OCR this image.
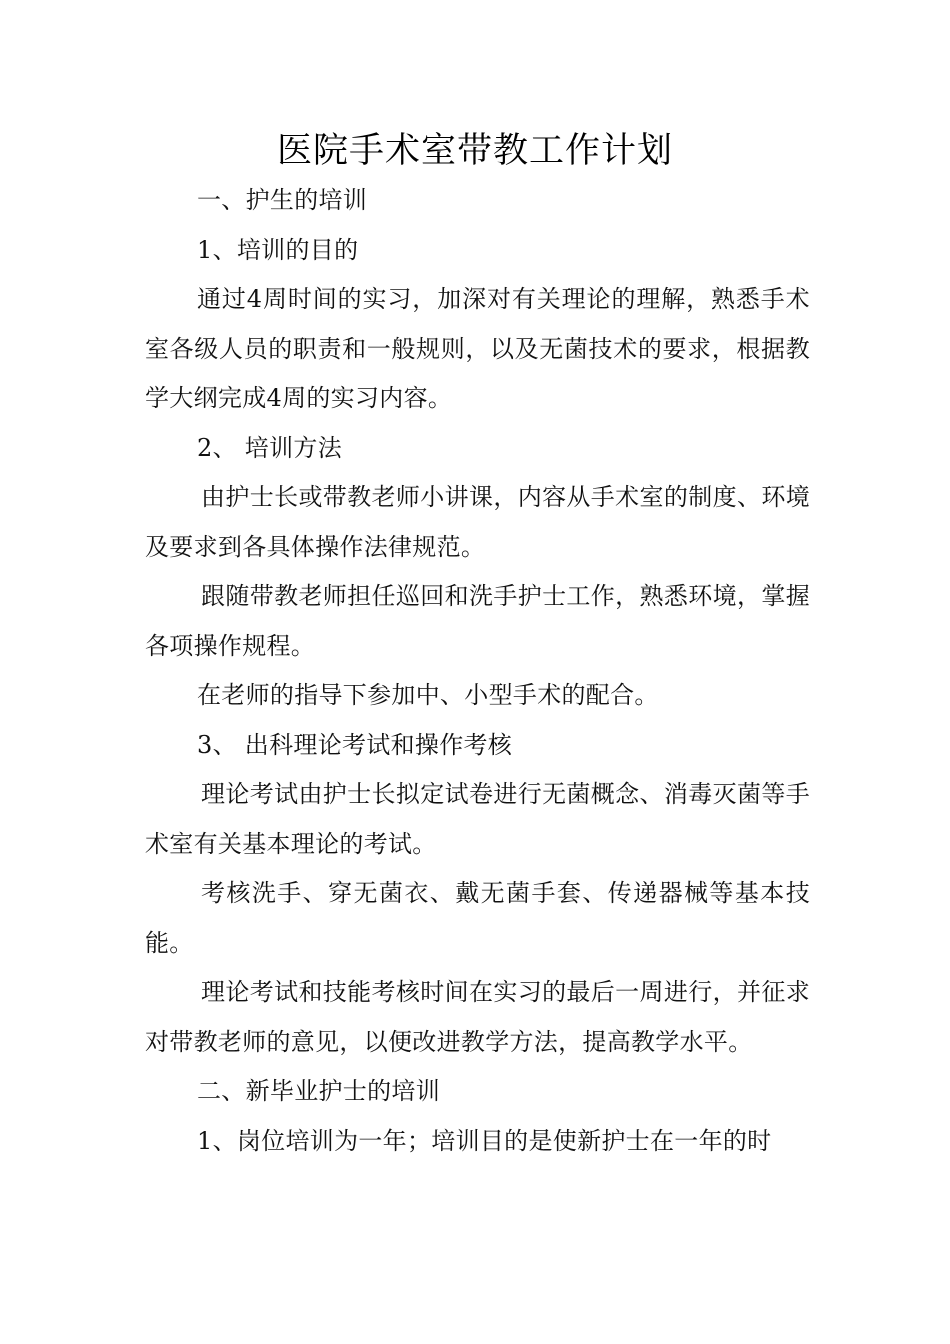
医院手术室带教工作计划

一、护生的培训

1、培训的目的

通过4周时间的实习，加深对有关理论的理解，熟悉手术室各级人员的职责和一般规则，以及无菌技术的要求，根据教学大纲完成4周的实习内容。

2、 培训方法

由护士长或带教老师小讲课，内容从手术室的制度、环境及要求到各具体操作法律规范。

跟随带教老师担任巡回和洗手护士工作，熟悉环境，掌握各项操作规程。

在老师的指导下参加中、小型手术的配合。

3、 出科理论考试和操作考核

理论考试由护士长拟定试卷进行无菌概念、消毒灭菌等手术室有关基本理论的考试。

考核洗手、穿无菌衣、戴无菌手套、传递器械等基本技能。

理论考试和技能考核时间在实习的最后一周进行，并征求对带教老师的意见，以便改进教学方法，提高教学水平。

二、新毕业护士的培训

1、岗位培训为一年；培训目的是使新护士在一年的时
